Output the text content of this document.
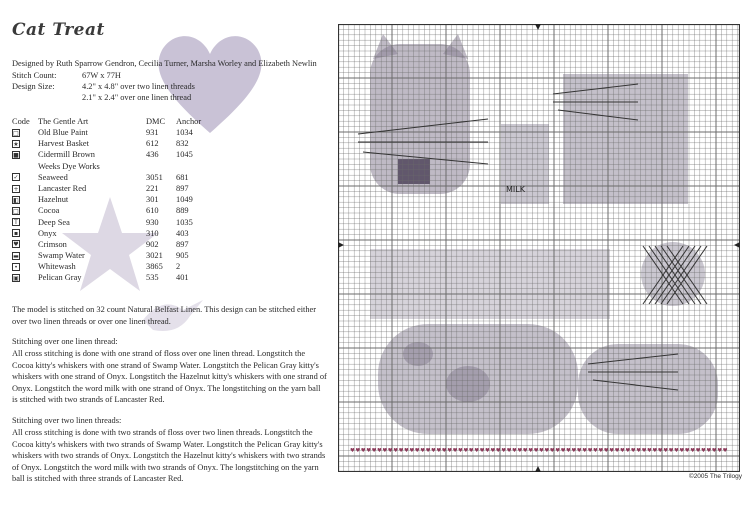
Cat Treat
Designed by Ruth Sparrow Gendron, Cecilia Turner, Marsha Worley and Elizabeth Newlin
Stitch Count:	67W x 77H
Design Size:	4.2" x 4.8" over two linen threads
2.1" x 2.4" over one linen thread
Code The Gentle Art	DMC	Anchor
□ Old Blue Paint	931	1034
★ Harvest Basket	612	832
■ Cidermill Brown	436	1045
Weeks Dye Works
✓ Seaweed	3051	681
+ Lancaster Red	221	897
◧ Hazelnut	301	1049
□ Cocoa	610	889
T Deep Sea	930	1035
▪ Onyx	310	403
♥ Crimson	902	897
▬ Swamp Water	3021	905
• Whitewash	3865	2
▣ Pelican Gray	535	401
The model is stitched on 32 count Natural Belfast Linen. This design can be stitched either over two linen threads or over one linen thread.
Stitching over one linen thread:
All cross stitching is done with one strand of floss over one linen thread. Longstitch the Cocoa kitty's whiskers with one strand of Swamp Water. Longstitch the Pelican Gray kitty's whiskers with one strand of Onyx. Longstitch the Hazelnut kitty's whiskers with one strand of Onyx. Longstitch the word milk with one strand of Onyx. The longstitching on the yarn ball is stitched with two strands of Lancaster Red.
Stitching over two linen threads:
All cross stitching is done with two strands of floss over two linen threads. Longstitch the Cocoa kitty's whiskers with two strands of Swamp Water. Longstitch the Pelican Gray kitty's whiskers with two strands of Onyx. Longstitch the Hazelnut kitty's whiskers with two strands of Onyx. Longstitch the word milk with two strands of Onyx. The longstitching on the yarn ball is stitched with three strands of Lancaster Red.
MILK
♥ ♥ ♥ ♥ ♥ ♥ ♥ ♥ ♥ ♥ ♥ ♥ ♥ ♥ ♥ ♥ ♥ ♥ ♥ ♥ ♥ ♥ ♥ ♥ ♥ ♥ ♥ ♥ ♥ ♥ ♥ ♥ ♥ ♥ ♥ ♥ ♥ ♥ ♥ ♥ ♥ ♥ ♥ ♥ ♥ ♥ ♥ ♥ ♥ ♥ ♥ ♥ ♥ ♥ ♥ ♥ ♥ ♥ ♥ ♥ ♥ ♥ ♥ ♥ ♥ ♥ ♥ ♥ ♥ ♥
©2005 The Trilogy
